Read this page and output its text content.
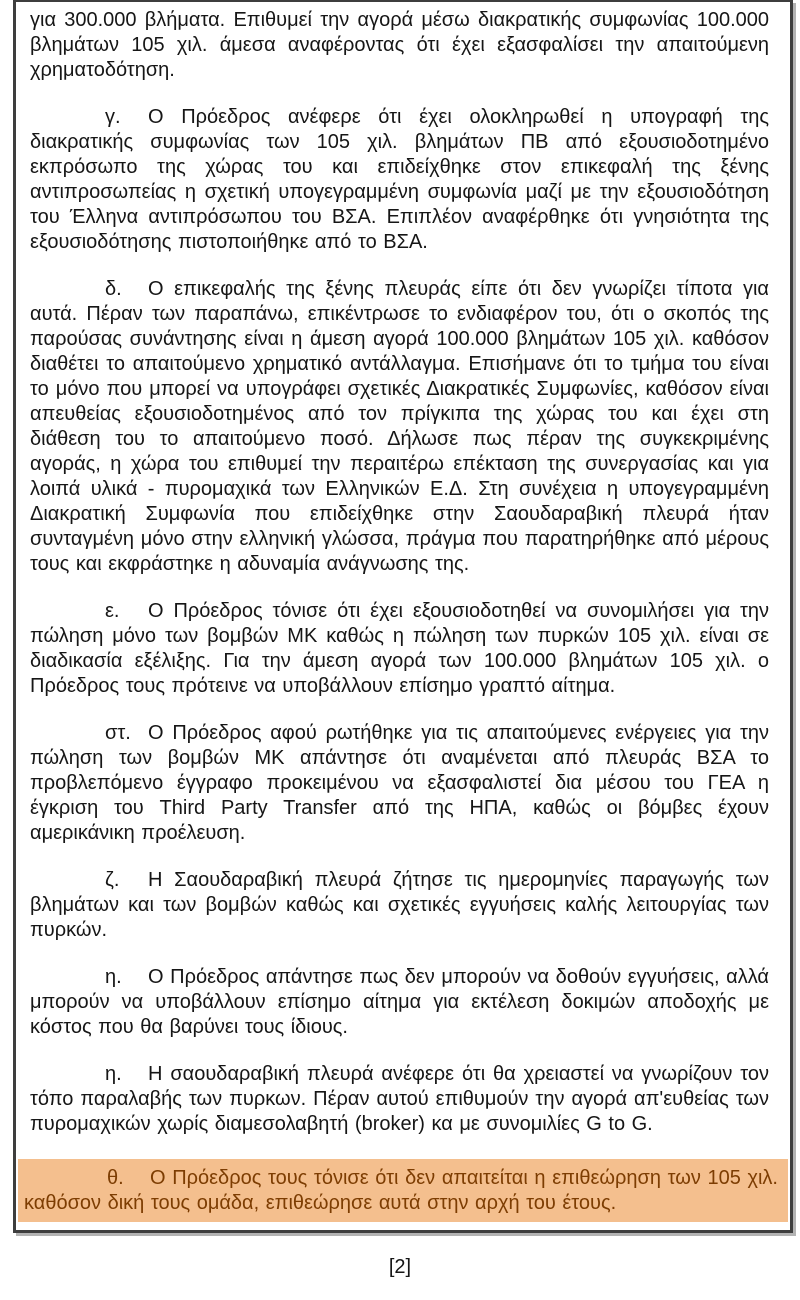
για 300.000 βλήματα. Επιθυμεί την αγορά μέσω διακρατικής συμφωνίας 100.000 βλημάτων 105 χιλ. άμεσα αναφέροντας ότι έχει εξασφαλίσει την απαιτούμενη χρηματοδότηση.

γ. Ο Πρόεδρος ανέφερε ότι έχει ολοκληρωθεί η υπογραφή της διακρατικής συμφωνίας των 105 χιλ. βλημάτων ΠΒ από εξουσιοδοτημένο εκπρόσωπο της χώρας του και επιδείχθηκε στον επικεφαλή της ξένης αντιπροσωπείας η σχετική υπογεγραμμένη συμφωνία μαζί με την εξουσιοδότηση του Έλληνα αντιπρόσωπου του ΒΣΑ. Επιπλέον αναφέρθηκε ότι γνησιότητα της εξουσιοδότησης πιστοποιήθηκε από το ΒΣΑ.

δ. Ο επικεφαλής της ξένης πλευράς είπε ότι δεν γνωρίζει τίποτα για αυτά. Πέραν των παραπάνω, επικέντρωσε το ενδιαφέρον του, ότι ο σκοπός της παρούσας συνάντησης είναι η άμεση αγορά 100.000 βλημάτων 105 χιλ. καθόσον διαθέτει το απαιτούμενο χρηματικό αντάλλαγμα. Επισήμανε ότι το τμήμα του είναι το μόνο που μπορεί να υπογράφει σχετικές Διακρατικές Συμφωνίες, καθόσον είναι απευθείας εξουσιοδοτημένος από τον πρίγκιπα της χώρας του και έχει στη διάθεση του το απαιτούμενο ποσό. Δήλωσε πως πέραν της συγκεκριμένης αγοράς, η χώρα του επιθυμεί την περαιτέρω επέκταση της συνεργασίας και για λοιπά υλικά - πυρομαχικά των Ελληνικών Ε.Δ. Στη συνέχεια η υπογεγραμμένη Διακρατική Συμφωνία που επιδείχθηκε στην Σαουδαραβική πλευρά ήταν συνταγμένη μόνο στην ελληνική γλώσσα, πράγμα που παρατηρήθηκε από μέρους τους και εκφράστηκε η αδυναμία ανάγνωσης της.

ε. Ο Πρόεδρος τόνισε ότι έχει εξουσιοδοτηθεί να συνομιλήσει για την πώληση μόνο των βομβών ΜΚ καθώς η πώληση των πυρκών 105 χιλ. είναι σε διαδικασία εξέλιξης. Για την άμεση αγορά των 100.000 βλημάτων 105 χιλ. ο Πρόεδρος τους πρότεινε να υποβάλλουν επίσημο γραπτό αίτημα.

στ. Ο Πρόεδρος αφού ρωτήθηκε για τις απαιτούμενες ενέργειες για την πώληση των βομβών ΜΚ απάντησε ότι αναμένεται από πλευράς ΒΣΑ το προβλεπόμενο έγγραφο προκειμένου να εξασφαλιστεί δια μέσου του ΓΕΑ η έγκριση του Third Party Transfer από της ΗΠΑ, καθώς οι βόμβες έχουν αμερικάνικη προέλευση.

ζ. Η Σαουδαραβική πλευρά ζήτησε τις ημερομηνίες παραγωγής των βλημάτων και των βομβών καθώς και σχετικές εγγυήσεις καλής λειτουργίας των πυρκών.

η. Ο Πρόεδρος απάντησε πως δεν μπορούν να δοθούν εγγυήσεις, αλλά μπορούν να υποβάλλουν επίσημο αίτημα για εκτέλεση δοκιμών αποδοχής με κόστος που θα βαρύνει τους ίδιους.

η. Η σαουδαραβική πλευρά ανέφερε ότι θα χρειαστεί να γνωρίζουν τον τόπο παραλαβής των πυρκων. Πέραν αυτού επιθυμούν την αγορά απ'ευθείας των πυρομαχικών χωρίς διαμεσολαβητή (broker) κα με συνομιλίες G to G.

θ. Ο Πρόεδρος τους τόνισε ότι δεν απαιτείται η επιθεώρηση των 105 χιλ. καθόσον δική τους ομάδα, επιθεώρησε αυτά στην αρχή του έτους.

[2]
